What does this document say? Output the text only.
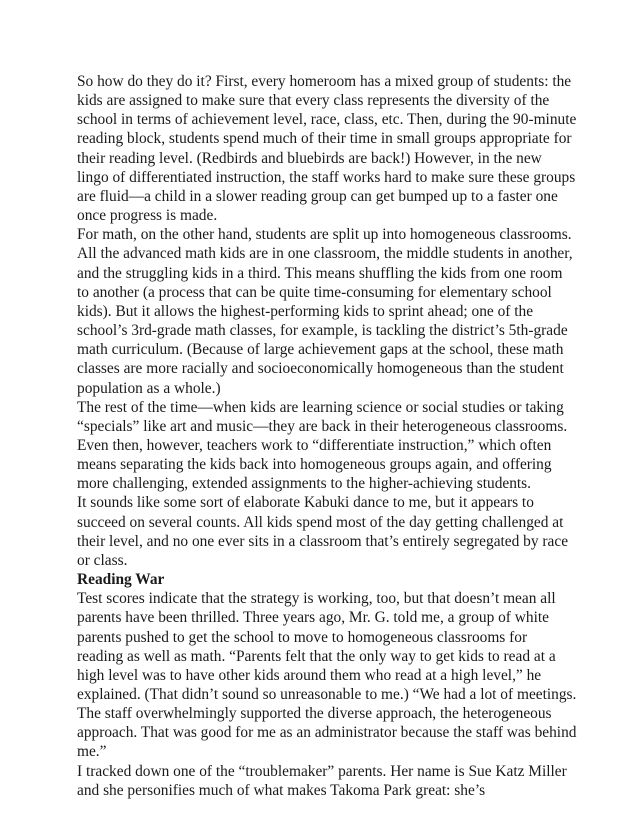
So how do they do it? First, every homeroom has a mixed group of students: the kids are assigned to make sure that every class represents the diversity of the school in terms of achievement level, race, class, etc. Then, during the 90-minute reading block, students spend much of their time in small groups appropriate for their reading level. (Redbirds and bluebirds are back!) However, in the new lingo of differentiated instruction, the staff works hard to make sure these groups are fluid—a child in a slower reading group can get bumped up to a faster one once progress is made.

For math, on the other hand, students are split up into homogeneous classrooms. All the advanced math kids are in one classroom, the middle students in another, and the struggling kids in a third. This means shuffling the kids from one room to another (a process that can be quite time-consuming for elementary school kids). But it allows the highest-performing kids to sprint ahead; one of the school’s 3rd-grade math classes, for example, is tackling the district’s 5th-grade math curriculum. (Because of large achievement gaps at the school, these math classes are more racially and socioeconomically homogeneous than the student population as a whole.)

The rest of the time—when kids are learning science or social studies or taking “specials” like art and music—they are back in their heterogeneous classrooms. Even then, however, teachers work to “differentiate instruction,” which often means separating the kids back into homogeneous groups again, and offering more challenging, extended assignments to the higher-achieving students.

It sounds like some sort of elaborate Kabuki dance to me, but it appears to succeed on several counts. All kids spend most of the day getting challenged at their level, and no one ever sits in a classroom that’s entirely segregated by race or class.

Reading War

Test scores indicate that the strategy is working, too, but that doesn’t mean all parents have been thrilled. Three years ago, Mr. G. told me, a group of white parents pushed to get the school to move to homogeneous classrooms for reading as well as math. “Parents felt that the only way to get kids to read at a high level was to have other kids around them who read at a high level,” he explained. (That didn’t sound so unreasonable to me.) “We had a lot of meetings. The staff overwhelmingly supported the diverse approach, the heterogeneous approach. That was good for me as an administrator because the staff was behind me.”

I tracked down one of the “troublemaker” parents. Her name is Sue Katz Miller and she personifies much of what makes Takoma Park great: she’s
